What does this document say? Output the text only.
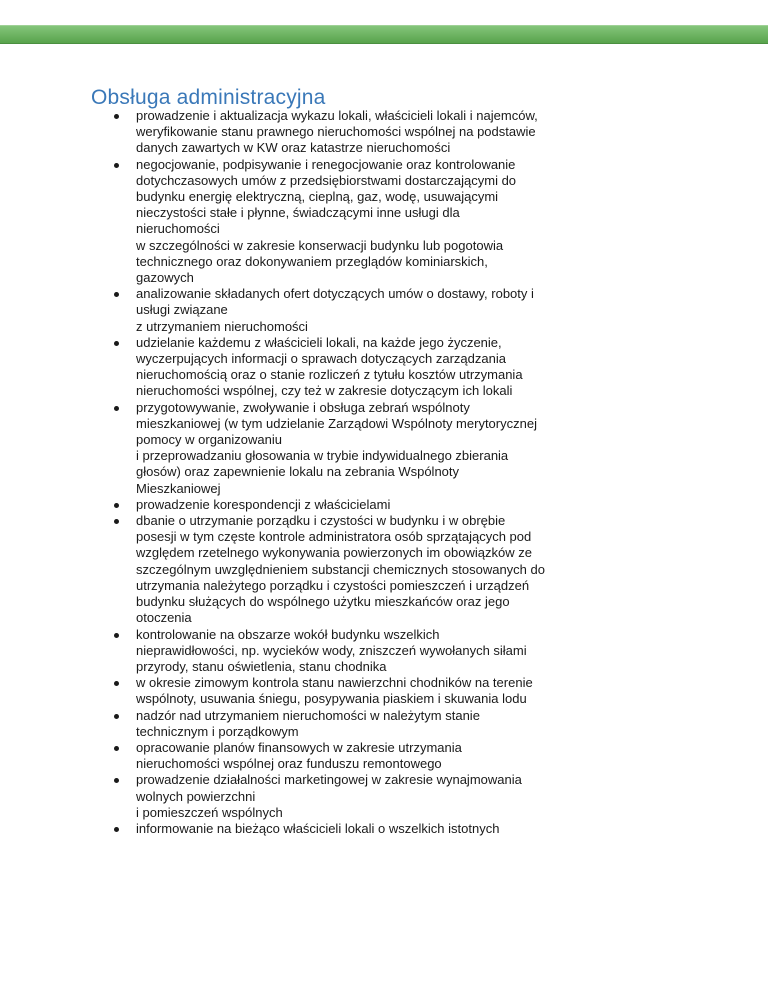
Obsługa administracyjna
prowadzenie i aktualizacja wykazu lokali, właścicieli lokali i najemców,
weryfikowanie stanu prawnego nieruchomości wspólnej na podstawie
danych zawartych w KW oraz katastrze nieruchomości
negocjowanie, podpisywanie i renegocjowanie oraz kontrolowanie
dotychczasowych umów z przedsiębiorstwami dostarczającymi do
budynku energię elektryczną, cieplną, gaz, wodę, usuwającymi
nieczystości stałe i płynne, świadczącymi inne usługi dla
nieruchomości
w szczególności w zakresie konserwacji budynku lub pogotowia
technicznego oraz dokonywaniem przeglądów kominiarskich,
gazowych
analizowanie składanych ofert dotyczących umów o dostawy, roboty i
usługi związane
z utrzymaniem nieruchomości
udzielanie każdemu z właścicieli lokali, na każde jego życzenie,
wyczerpujących informacji o sprawach dotyczących zarządzania
nieruchomością oraz o stanie rozliczeń z tytułu kosztów utrzymania
nieruchomości wspólnej, czy też w zakresie dotyczącym ich lokali
przygotowywanie, zwoływanie i obsługa zebrań wspólnoty
mieszkaniowej (w tym udzielanie Zarządowi Wspólnoty merytorycznej
pomocy w organizowaniu
i przeprowadzaniu głosowania w trybie indywidualnego zbierania
głosów) oraz zapewnienie lokalu na zebrania Wspólnoty
Mieszkaniowej
prowadzenie korespondencji z właścicielami
dbanie o utrzymanie porządku i czystości w budynku i w obrębie
posesji w tym częste kontrole administratora osób sprzątających pod
względem rzetelnego wykonywania powierzonych im obowiązków ze
szczególnym uwzględnieniem substancji chemicznych stosowanych do
utrzymania należytego porządku i czystości pomieszczeń i urządzeń
budynku służących do wspólnego użytku mieszkańców oraz jego
otoczenia
kontrolowanie na obszarze wokół budynku wszelkich
nieprawidłowości, np. wycieków wody, zniszczeń wywołanych siłami
przyrody, stanu oświetlenia, stanu chodnika
w okresie zimowym kontrola stanu nawierzchni chodników na terenie
wspólnoty, usuwania śniegu, posypywania piaskiem i skuwania lodu
nadzór nad utrzymaniem nieruchomości w należytym stanie
technicznym i porządkowym
opracowanie planów finansowych w zakresie utrzymania
nieruchomości wspólnej oraz funduszu remontowego
prowadzenie działalności marketingowej w zakresie wynajmowania
wolnych powierzchni
i pomieszczeń wspólnych
informowanie na bieżąco właścicieli lokali o wszelkich istotnych
